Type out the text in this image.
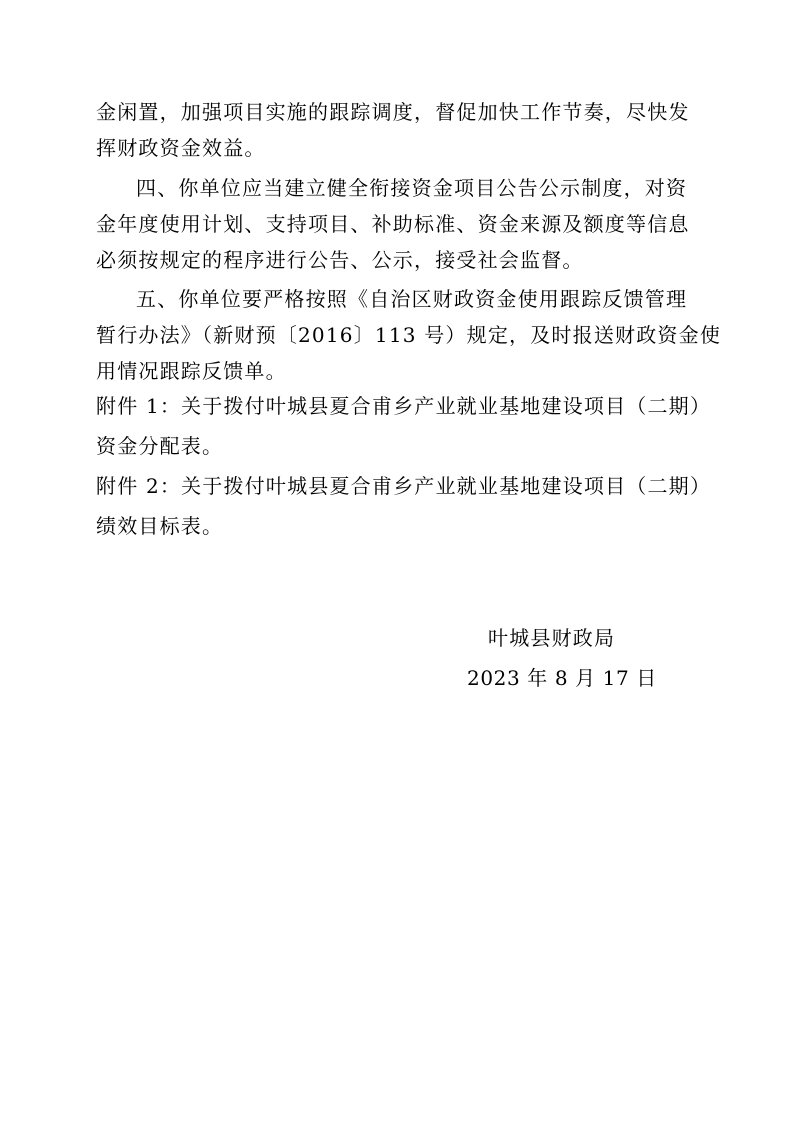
金闲置，加强项目实施的跟踪调度，督促加快工作节奏，尽快发
挥财政资金效益。
四、你单位应当建立健全衔接资金项目公告公示制度，对资
金年度使用计划、支持项目、补助标准、资金来源及额度等信息
必须按规定的程序进行公告、公示，接受社会监督。
五、你单位要严格按照《自治区财政资金使用跟踪反馈管理
暂行办法》（新财预〔2016〕113 号）规定，及时报送财政资金使
用情况跟踪反馈单。
附件 1：关于拨付叶城县夏合甫乡产业就业基地建设项目（二期）
资金分配表。
附件 2：关于拨付叶城县夏合甫乡产业就业基地建设项目（二期）
绩效目标表。
叶城县财政局
2023 年 8 月 17 日
